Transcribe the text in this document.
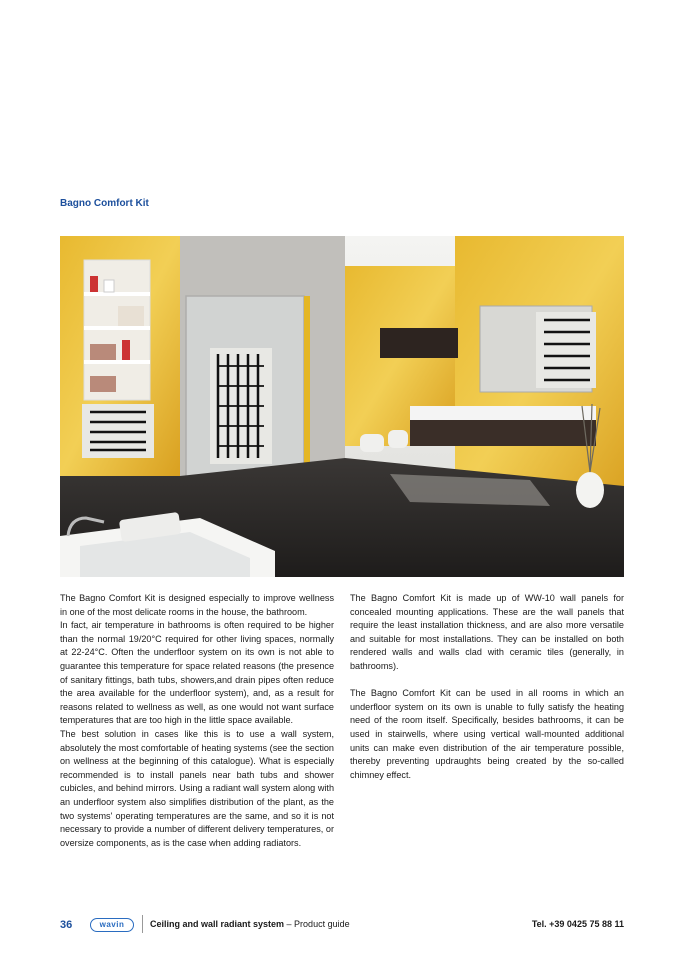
Bagno Comfort Kit

The Bagno Comfort Kit is designed especially to improve wellness in one of the most delicate rooms in the house, the bathroom.

In fact, air temperature in bathrooms is often required to be higher than the normal 19/20°C required for other living spaces, normally at 22-24°C. Often the underfloor system on its own is not able to guarantee this temperature for space related reasons (the presence of sanitary fittings, bath tubs, showers,and drain pipes often reduce the area available for the underfloor system), and, as a result for reasons related to wellness as well, as one would not want surface temperatures that are too high in the little space available.

The best solution in cases like this is to use a wall system, absolutely the most comfortable of heating systems (see the section on wellness at the beginning of this catalogue). What is especially recommended is to install panels near bath tubs and shower cubicles, and behind mirrors. Using a radiant wall system along with an underfloor system also simplifies distribution of the plant, as the two systems' operating temperatures are the same, and so it is not necessary to provide a number of different delivery temperatures, or oversize components, as is the case when adding radiators.

The Bagno Comfort Kit is made up of WW-10 wall panels for concealed mounting applications. These are the wall panels that require the least installation thickness, and are also more versatile and suitable for most installations. They can be installed on both rendered walls and walls clad with ceramic tiles (generally, in bathrooms).

The Bagno Comfort Kit can be used in all rooms in which an underfloor system on its own is unable to fully satisfy the heating need of the room itself. Specifically, besides bathrooms, it can be used in stairwells, where using vertical wall-mounted additional units can make even distribution of the air temperature possible, thereby preventing updraughts being created by the so-called chimney effect.

36	wavin	Ceiling and wall radiant system – Product guide	Tel. +39 0425 75 88 11
